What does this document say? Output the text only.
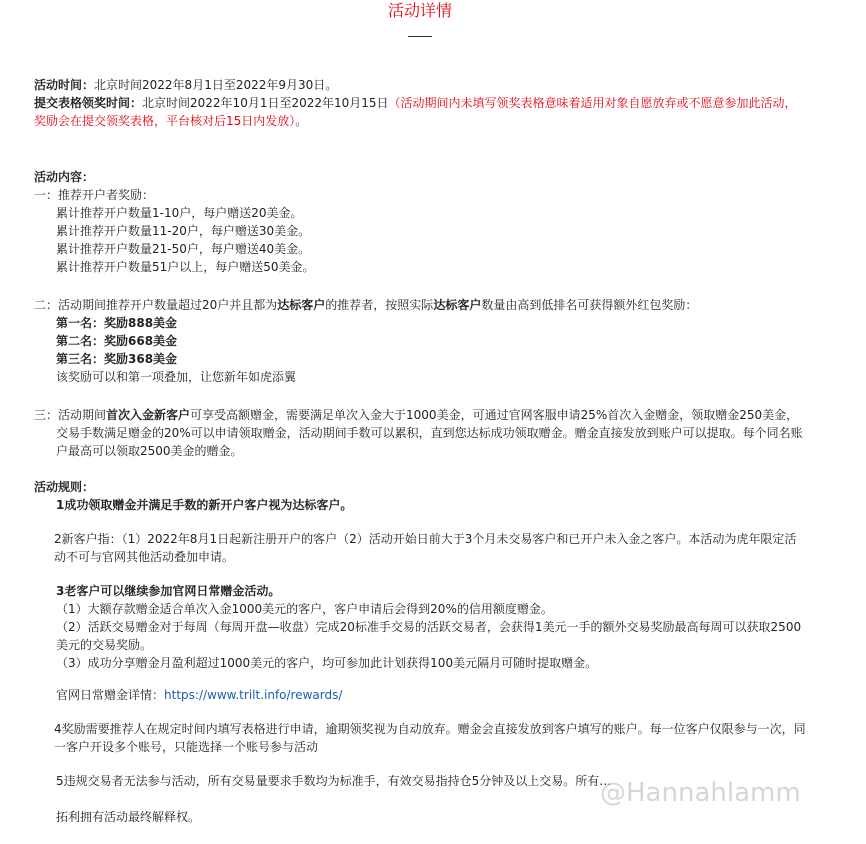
活动详情
活动时间：北京时间2022年8月1日至2022年9月30日。
提交表格领奖时间：北京时间2022年10月1日至2022年10月15日（活动期间内未填写领奖表格意味着适用对象自愿放弃或不愿意参加此活动，奖励会在提交领奖表格，平台核对后15日内发放）。
活动内容：
一：推荐开户者奖励：
累计推荐开户数量1-10户，每户赠送20美金。
累计推荐开户数量11-20户，每户赠送30美金。
累计推荐开户数量21-50户，每户赠送40美金。
累计推荐开户数量51户以上，每户赠送50美金。
二：活动期间推荐开户数量超过20户并且都为达标客户的推荐者，按照实际达标客户数量由高到低排名可获得额外红包奖励：
第一名：奖励888美金
第二名：奖励668美金
第三名：奖励368美金
该奖励可以和第一项叠加，让您新年如虎添翼
三：活动期间首次入金新客户可享受高额赠金，需要满足单次入金大于1000美金，可通过官网客服申请25%首次入金赠金，领取赠金250美金，交易手数满足赠金的20%可以申请领取赠金，活动期间手数可以累积，直到您达标成功领取赠金。赠金直接发放到账户可以提取。每个同名账户最高可以领取2500美金的赠金。
活动规则：
1成功领取赠金并满足手数的新开户客户视为达标客户。
2新客户指：（1）2022年8月1日起新注册开户的客户（2）活动开始日前大于3个月未交易客户和已开户未入金之客户。本活动为虎年限定活动不可与官网其他活动叠加申请。
3老客户可以继续参加官网日常赠金活动。
（1）大额存款赠金适合单次入金1000美元的客户，客户申请后会得到20%的信用额度赠金。
（2）活跃交易赠金对于每周（每周开盘—收盘）完成20标准手交易的活跃交易者，会获得1美元一手的额外交易奖励最高每周可以获取2500美元的交易奖励。
（3）成功分享赠金月盈利超过1000美元的客户，均可参加此计划获得100美元隔月可随时提取赠金。
官网日常赠金详情：https://www.trilt.info/rewards/
4奖励需要推荐人在规定时间内填写表格进行申请，逾期领奖视为自动放弃。赠金会直接发放到客户填写的账户。每一位客户仅限参与一次，同一客户开设多个账号，只能选择一个账号参与活动
5违规交易者无法参与活动，所有交易量要求手数均为标准手，有效交易指持仓5分钟及以上交易。所有…
拓利拥有活动最终解释权。
@Hannahlamm
